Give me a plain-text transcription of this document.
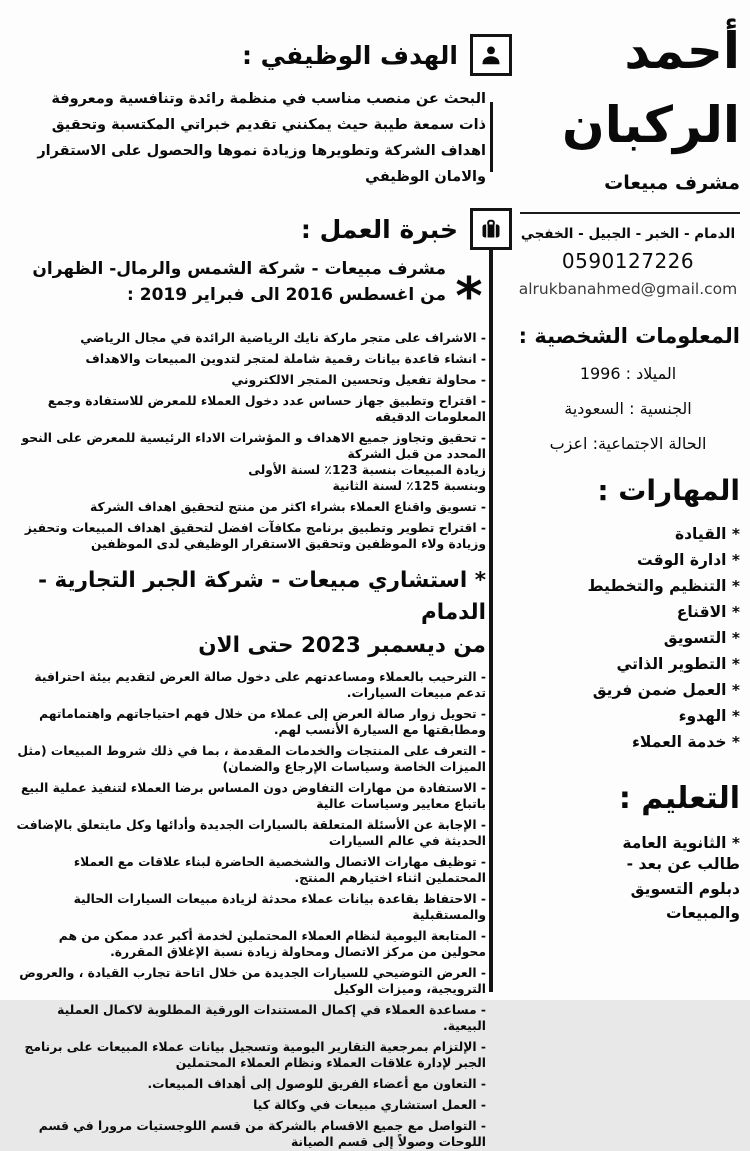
الهدف الوظيفي :
البحث عن منصب مناسب في منظمة رائدة وتنافسية ومعروفة ذات سمعة طيبة حيث يمكنني تقديم خبراتي المكتسبة وتحقيق اهداف الشركة وتطويرها وزيادة نموها والحصول على الاستقرار والامان الوظيفي
خبرة العمل :
*
مشرف مبيعات - شركة الشمس والرمال- الظهران
من اغسطس 2016 الى فبراير 2019 :
- الاشراف على متجر ماركة نايك الرياضية الرائدة في مجال الرياضي
- انشاء قاعدة بيانات رقمية شاملة لمتجر لتدوين المبيعات والاهداف
- محاولة تفعيل وتحسين المتجر الالكتروني
- اقتراح وتطبيق جهاز حساس عدد دخول العملاء للمعرض للاستفادة وجمع المعلومات الدقيقه
- تحقيق وتجاوز جميع الاهداف و المؤشرات الاداء الرئيسية للمعرض على النحو المحدد من قبل الشركة
زيادة المبيعات بنسبة 123٪ لسنة الأولى
وبنسبة 125٪ لسنة الثانية
- تسويق واقناع العملاء بشراء اكثر من منتج لتحقيق اهداف الشركة
- اقتراح تطوير وتطبيق برنامج مكافآت افضل لتحقيق اهداف المبيعات وتحفيز وزيادة ولاء الموظفين وتحقيق الاستقرار الوظيفي لدى الموظفين
* استشاري مبيعات - شركة الجبر التجارية - الدمام
من ديسمبر 2023 حتى الان
- الترحيب بالعملاء ومساعدتهم على دخول صالة العرض لتقديم بيئة احترافية تدعم مبيعات السيارات.
- تحويل زوار صالة العرض إلى عملاء من خلال فهم احتياجاتهم واهتماماتهم ومطابقتها مع السيارة الأنسب لهم.
- التعرف على المنتجات والخدمات المقدمة ، بما في ذلك شروط المبيعات (مثل الميزات الخاصة وسياسات الإرجاع والضمان)
- الاستفادة من مهارات التفاوض دون المساس برضا العملاء لتنفيذ عملية البيع باتباع معايير وسياسات عالية
- الإجابة عن الأسئلة المتعلقة بالسيارات الجديدة وأدائها وكل مايتعلق بالإضافت الحديثة في عالم السيارات
- توظيف مهارات الاتصال والشخصية الحاضرة لبناء علاقات مع العملاء المحتملين اثناء اختيارهم المنتج.
- الاحتفاظ بقاعدة بيانات عملاء محدثة لزيادة مبيعات السيارات الحالية والمستقبلية
- المتابعة اليومية لنظام العملاء المحتملين لخدمة أكبر عدد ممكن من هم محولين من مركز الاتصال ومحاولة زيادة نسبة الإغلاق المقررة.
- العرض التوضيحي للسيارات الجديدة من خلال اتاحة تجارب القيادة ، والعروض الترويجية، وميزات الوكيل
- مساعدة العملاء في إكمال المستندات الورقية المطلوبة لاكمال العملية البيعية.
- الإلتزام بمرجعية التقارير اليومية وتسجيل بيانات عملاء المبيعات على برنامج الجبر لإدارة علاقات العملاء ونظام العملاء المحتملين
- التعاون مع أعضاء الفريق للوصول إلى أهداف المبيعات.
- العمل استشاري مبيعات في وكالة كيا
- التواصل مع جميع الاقسام بالشركة من قسم اللوجستيات مرورا في قسم اللوحات وصولاً إلى قسم الصيانة
أحمد
الركبان
مشرف مبيعات
الدمام - الخبر - الجبيل - الخفجي
0590127226
alrukbanahmed@gmail.com
المعلومات الشخصية :
الميلاد : 1996
الجنسية : السعودية
الحالة الاجتماعية: اعزب
المهارات :
* القيادة
* ادارة الوقت
* التنظيم والتخطيط
* الاقناع
* التسويق
* التطوير الذاتي
* العمل ضمن فريق
* الهدوء
* خدمة العملاء
التعليم :
* الثانوية العامة
طالب عن بعد -
دبلوم التسويق
والمبيعات
